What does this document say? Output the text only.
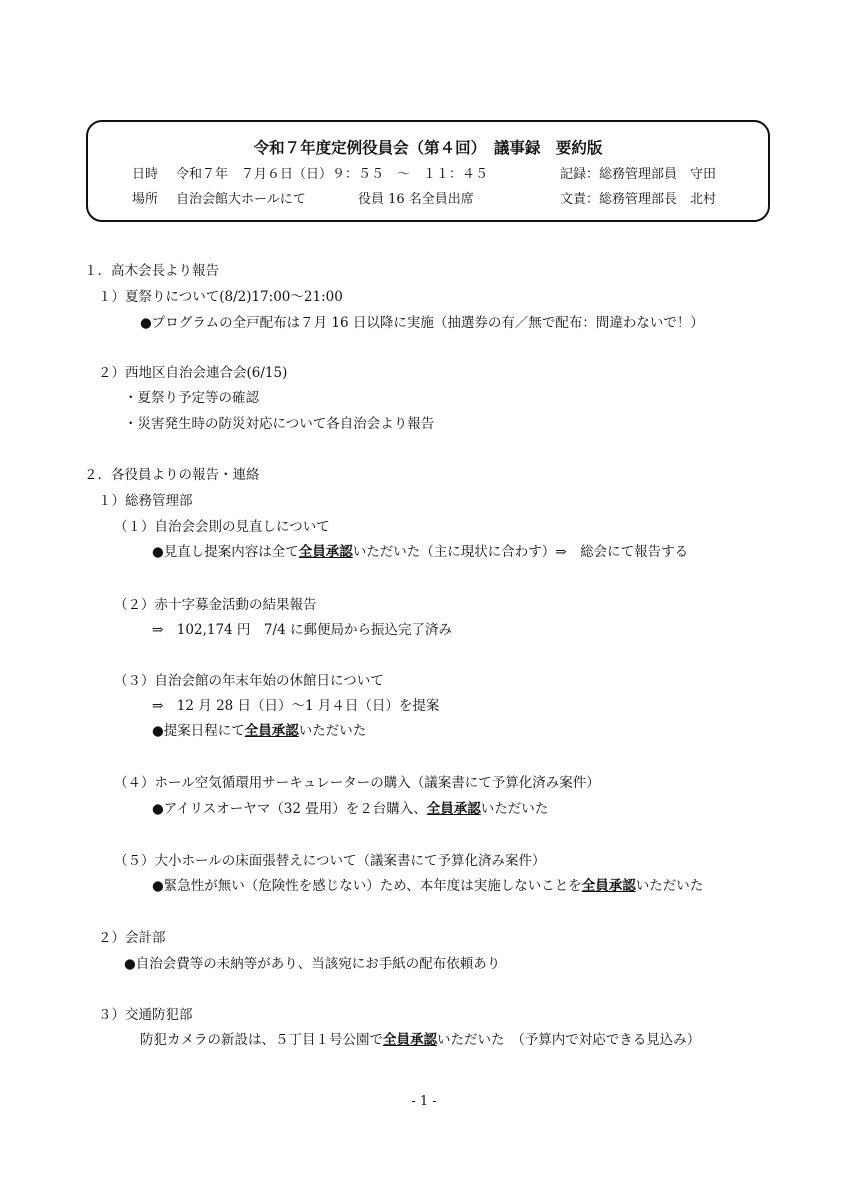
令和７年度定例役員会（第４回）　議事録　要約版
日時 令和７年　７月６日（日）９：５５　～　１１：４５	記録：総務管理部員　守田
場所 自治会館大ホールにて	役員 16 名全員出席	文責：総務管理部長　北村
１．高木会長より報告
１）夏祭りについて(8/2)17:00～21:00
●プログラムの全戸配布は７月 16 日以降に実施（抽選券の有／無で配布：間違わないで！）
２）西地区自治会連合会(6/15)
・夏祭り予定等の確認
・災害発生時の防災対応について各自治会より報告
２．各役員よりの報告・連絡
１）総務管理部
（１）自治会会則の見直しについて
●見直し提案内容は全て全員承認いただいた（主に現状に合わす）⇒　総会にて報告する
（２）赤十字募金活動の結果報告
⇒　102,174 円　7/4 に郵便局から振込完了済み
（３）自治会館の年末年始の休館日について
⇒　12 月 28 日（日）～1 月４日（日）を提案
●提案日程にて全員承認いただいた
（４）ホール空気循環用サーキュレーターの購入（議案書にて予算化済み案件）
●アイリスオーヤマ（32 畳用）を２台購入、全員承認いただいた
（５）大小ホールの床面張替えについて（議案書にて予算化済み案件）
●緊急性が無い（危険性を感じない）ため、本年度は実施しないことを全員承認いただいた
２）会計部
●自治会費等の未納等があり、当該宛にお手紙の配布依頼あり
３）交通防犯部
防犯カメラの新設は、５丁目１号公園で全員承認いただいた　（予算内で対応できる見込み）
- 1 -
